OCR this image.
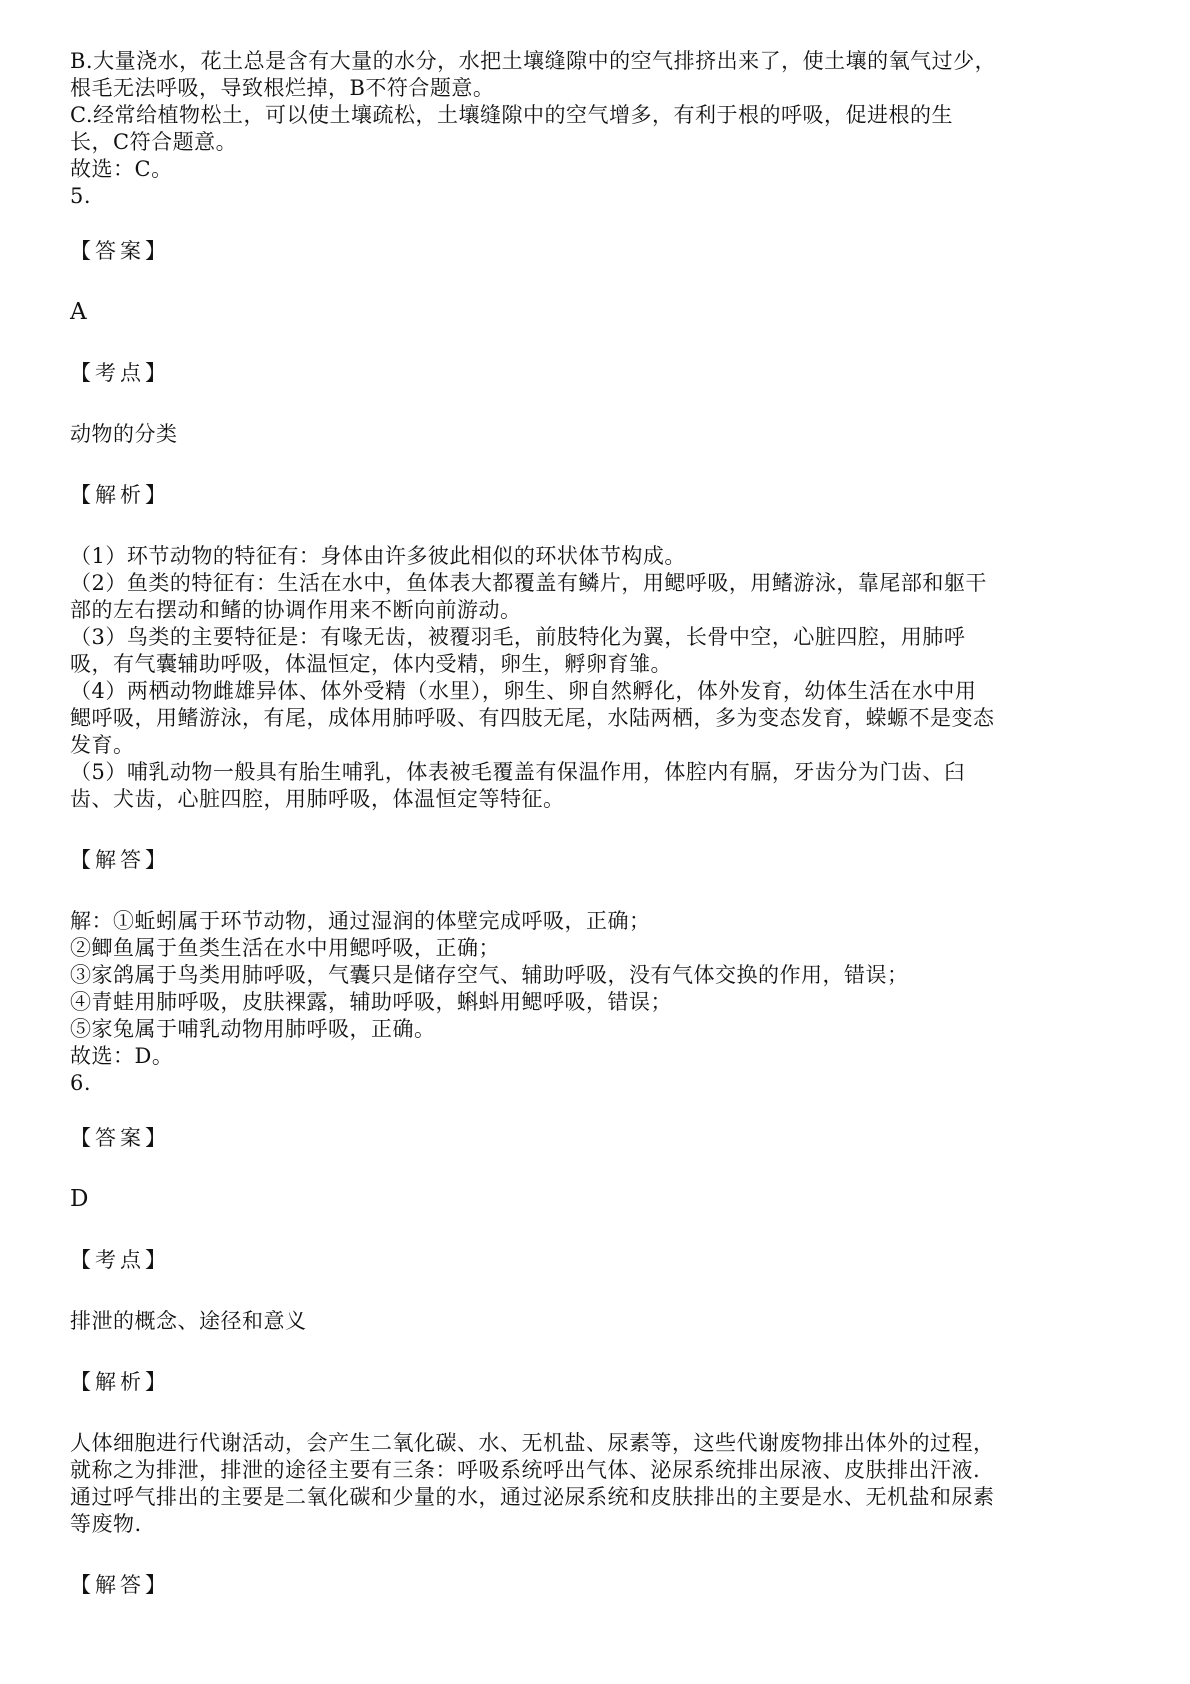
B.大量浇水，花土总是含有大量的水分，水把土壤缝隙中的空气排挤出来了，使土壤的氧气过少，
根毛无法呼吸，导致根烂掉，B不符合题意。
C.经常给植物松土，可以使土壤疏松，土壤缝隙中的空气增多，有利于根的呼吸，促进根的生
长，C符合题意。
故选：C。
5.
【答案】
A
【考点】
动物的分类
【解析】
（1）环节动物的特征有：身体由许多彼此相似的环状体节构成。
（2）鱼类的特征有：生活在水中，鱼体表大都覆盖有鳞片，用鳃呼吸，用鳍游泳，靠尾部和躯干
部的左右摆动和鳍的协调作用来不断向前游动。
（3）鸟类的主要特征是：有喙无齿，被覆羽毛，前肢特化为翼，长骨中空，心脏四腔，用肺呼
吸，有气囊辅助呼吸，体温恒定，体内受精，卵生，孵卵育雏。
（4）两栖动物雌雄异体、体外受精（水里），卵生、卵自然孵化，体外发育，幼体生活在水中用
鳃呼吸，用鳍游泳，有尾，成体用肺呼吸、有四肢无尾，水陆两栖，多为变态发育，蝾螈不是变态
发育。
（5）哺乳动物一般具有胎生哺乳，体表被毛覆盖有保温作用，体腔内有膈，牙齿分为门齿、臼
齿、犬齿，心脏四腔，用肺呼吸，体温恒定等特征。
【解答】
解：①蚯蚓属于环节动物，通过湿润的体壁完成呼吸，正确；
②鲫鱼属于鱼类生活在水中用鳃呼吸，正确；
③家鸽属于鸟类用肺呼吸，气囊只是储存空气、辅助呼吸，没有气体交换的作用，错误；
④青蛙用肺呼吸，皮肤裸露，辅助呼吸，蝌蚪用鳃呼吸，错误；
⑤家兔属于哺乳动物用肺呼吸，正确。
故选：D。
6.
【答案】
D
【考点】
排泄的概念、途径和意义
【解析】
人体细胞进行代谢活动，会产生二氧化碳、水、无机盐、尿素等，这些代谢废物排出体外的过程，
就称之为排泄，排泄的途径主要有三条：呼吸系统呼出气体、泌尿系统排出尿液、皮肤排出汗液.
通过呼气排出的主要是二氧化碳和少量的水，通过泌尿系统和皮肤排出的主要是水、无机盐和尿素
等废物.
【解答】
